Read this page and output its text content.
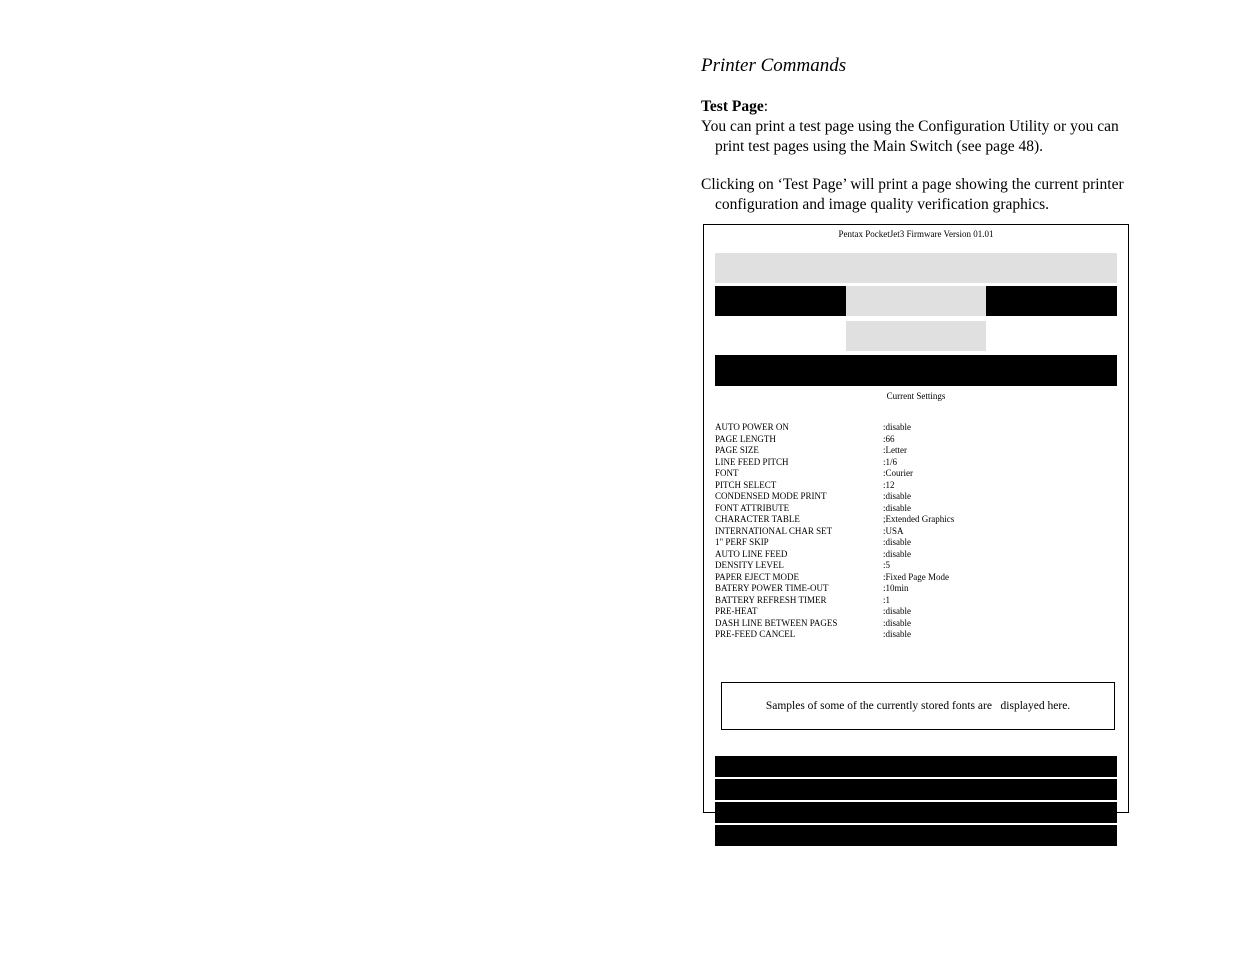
Printer Commands
Test Page:
You can print a test page using the Configuration Utility or you can print test pages using the Main Switch (see page 48).
Clicking on ‘Test Page’ will print a page showing the current printer configuration and image quality verification graphics.
Pentax PocketJet3 Firmware Version 01.01
Current Settings
AUTO POWER ON	:disable
PAGE LENGTH	:66
PAGE SIZE	:Letter
LINE FEED PITCH	:1/6
FONT	:Courier
PITCH SELECT	:12
CONDENSED MODE PRINT	:disable
FONT ATTRIBUTE	:disable
CHARACTER TABLE	;Extended Graphics
INTERNATIONAL CHAR SET	:USA
1" PERF SKIP	:disable
AUTO LINE FEED	:disable
DENSITY LEVEL	:5
PAPER EJECT MODE	:Fixed Page Mode
BATERY POWER TIME-OUT	:10min
BATTERY REFRESH TIMER	:1
PRE-HEAT	:disable
DASH LINE BETWEEN PAGES	:disable
PRE-FEED CANCEL	:disable
Samples of some of the currently stored fonts are   displayed here.
